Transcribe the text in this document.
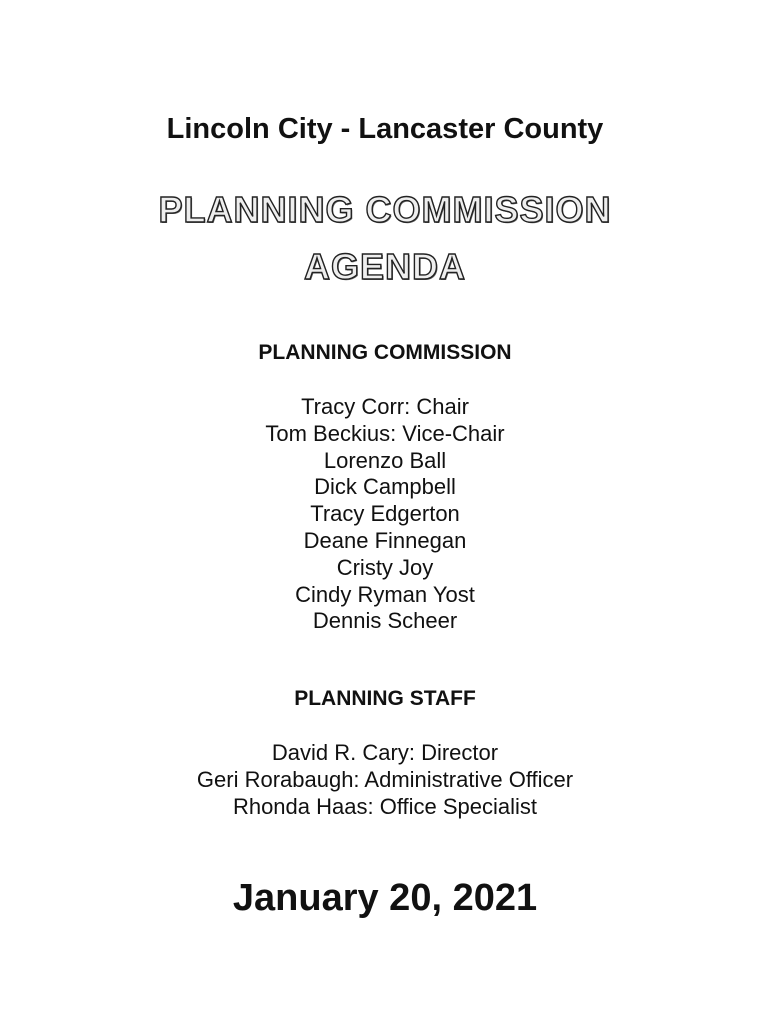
Lincoln City - Lancaster County
PLANNING COMMISSION
AGENDA
PLANNING COMMISSION
Tracy Corr: Chair
Tom Beckius: Vice-Chair
Lorenzo Ball
Dick Campbell
Tracy Edgerton
Deane Finnegan
Cristy Joy
Cindy Ryman Yost
Dennis Scheer
PLANNING STAFF
David R. Cary: Director
Geri Rorabaugh: Administrative Officer
Rhonda Haas: Office Specialist
January 20, 2021
